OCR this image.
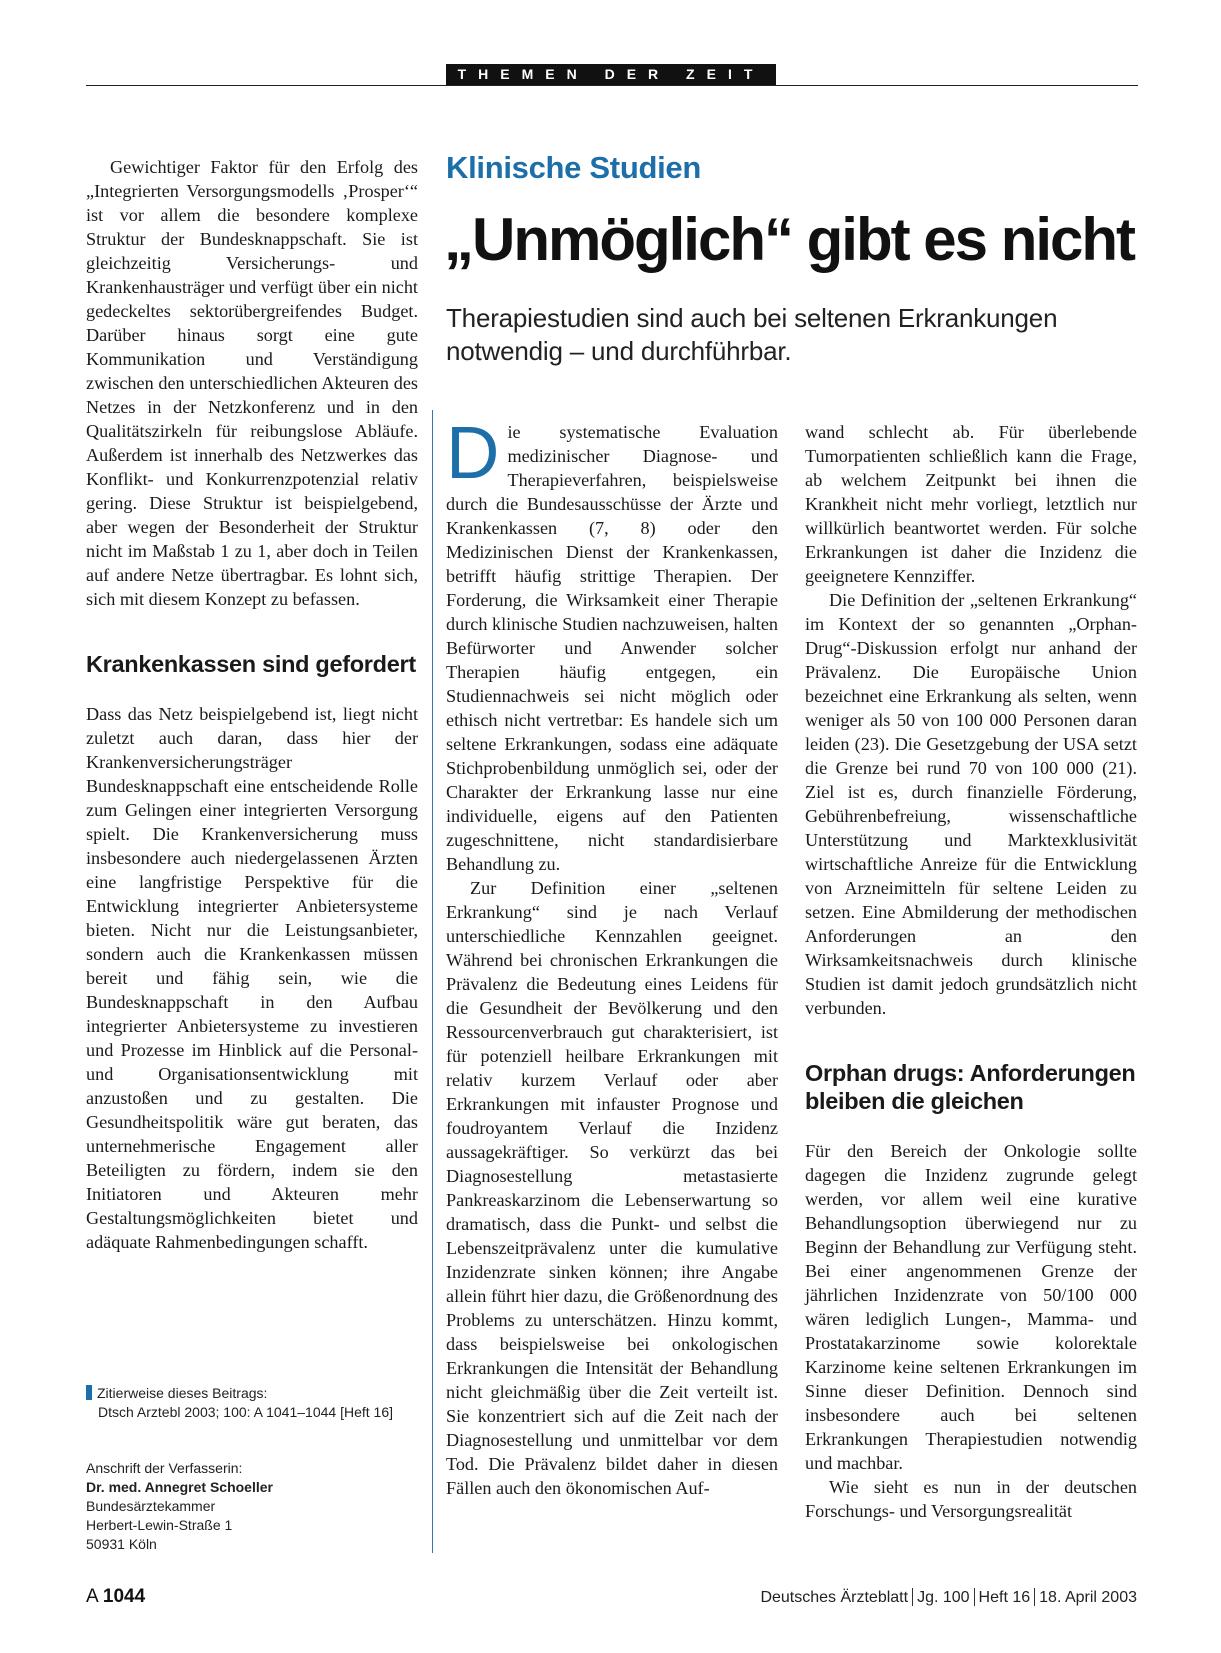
THEMEN DER ZEIT

Gewichtiger Faktor für den Erfolg des „Integrierten Versorgungsmodells ‚Prosper‘“ ist vor allem die besondere komplexe Struktur der Bundesknappschaft. Sie ist gleichzeitig Versicherungs- und Krankenhausträger und verfügt über ein nicht gedeckeltes sektorübergreifendes Budget. Darüber hinaus sorgt eine gute Kommunikation und Verständigung zwischen den unterschiedlichen Akteuren des Netzes in der Netzkonferenz und in den Qualitätszirkeln für reibungslose Abläufe. Außerdem ist innerhalb des Netzwerkes das Konflikt- und Konkurrenzpotenzial relativ gering. Diese Struktur ist beispielgebend, aber wegen der Besonderheit der Struktur nicht im Maßstab 1 zu 1, aber doch in Teilen auf andere Netze übertragbar. Es lohnt sich, sich mit diesem Konzept zu befassen.

Krankenkassen sind gefordert

Dass das Netz beispielgebend ist, liegt nicht zuletzt auch daran, dass hier der Krankenversicherungsträger Bundesknappschaft eine entscheidende Rolle zum Gelingen einer integrierten Versorgung spielt. Die Krankenversicherung muss insbesondere auch niedergelassenen Ärzten eine langfristige Perspektive für die Entwicklung integrierter Anbietersysteme bieten. Nicht nur die Leistungsanbieter, sondern auch die Krankenkassen müssen bereit und fähig sein, wie die Bundesknappschaft in den Aufbau integrierter Anbietersysteme zu investieren und Prozesse im Hinblick auf die Personal- und Organisationsentwicklung mit anzustoßen und zu gestalten. Die Gesundheitspolitik wäre gut beraten, das unternehmerische Engagement aller Beteiligten zu fördern, indem sie den Initiatoren und Akteuren mehr Gestaltungsmöglichkeiten bietet und adäquate Rahmenbedingungen schafft.

Zitierweise dieses Beitrags:
Dtsch Arztebl 2003; 100: A 1041–1044 [Heft 16]
Anschrift der Verfasserin:
Dr. med. Annegret Schoeller
Bundesärztekammer
Herbert-Lewin-Straße 1
50931 Köln
Klinische Studien
„Unmöglich“ gibt es nicht
Therapiestudien sind auch bei seltenen Erkrankungen notwendig – und durchführbar.

Die systematische Evaluation medizinischer Diagnose- und Therapieverfahren, beispielsweise durch die Bundesausschüsse der Ärzte und Krankenkassen (7, 8) oder den Medizinischen Dienst der Krankenkassen, betrifft häufig strittige Therapien. Der Forderung, die Wirksamkeit einer Therapie durch klinische Studien nachzuweisen, halten Befürworter und Anwender solcher Therapien häufig entgegen, ein Studiennachweis sei nicht möglich oder ethisch nicht vertretbar: Es handele sich um seltene Erkrankungen, sodass eine adäquate Stichprobenbildung unmöglich sei, oder der Charakter der Erkrankung lasse nur eine individuelle, eigens auf den Patienten zugeschnittene, nicht standardisierbare Behandlung zu.

Zur Definition einer „seltenen Erkrankung“ sind je nach Verlauf unterschiedliche Kennzahlen geeignet. Während bei chronischen Erkrankungen die Prävalenz die Bedeutung eines Leidens für die Gesundheit der Bevölkerung und den Ressourcenverbrauch gut charakterisiert, ist für potenziell heilbare Erkrankungen mit relativ kurzem Verlauf oder aber Erkrankungen mit infauster Prognose und foudroyantem Verlauf die Inzidenz aussagekräftiger. So verkürzt das bei Diagnosestellung metastasierte Pankreaskarzinom die Lebenserwartung so dramatisch, dass die Punkt- und selbst die Lebenszeitprävalenz unter die kumulative Inzidenzrate sinken können; ihre Angabe allein führt hier dazu, die Größenordnung des Problems zu unterschätzen. Hinzu kommt, dass beispielsweise bei onkologischen Erkrankungen die Intensität der Behandlung nicht gleichmäßig über die Zeit verteilt ist. Sie konzentriert sich auf die Zeit nach der Diagnosestellung und unmittelbar vor dem Tod. Die Prävalenz bildet daher in diesen Fällen auch den ökonomischen Auf-

wand schlecht ab. Für überlebende Tumorpatienten schließlich kann die Frage, ab welchem Zeitpunkt bei ihnen die Krankheit nicht mehr vorliegt, letztlich nur willkürlich beantwortet werden. Für solche Erkrankungen ist daher die Inzidenz die geeignetere Kennziffer.

Die Definition der „seltenen Erkrankung“ im Kontext der so genannten „Orphan-Drug“-Diskussion erfolgt nur anhand der Prävalenz. Die Europäische Union bezeichnet eine Erkrankung als selten, wenn weniger als 50 von 100 000 Personen daran leiden (23). Die Gesetzgebung der USA setzt die Grenze bei rund 70 von 100 000 (21). Ziel ist es, durch finanzielle Förderung, Gebührenbefreiung, wissenschaftliche Unterstützung und Marktexklusivität wirtschaftliche Anreize für die Entwicklung von Arzneimitteln für seltene Leiden zu setzen. Eine Abmilderung der methodischen Anforderungen an den Wirksamkeitsnachweis durch klinische Studien ist damit jedoch grundsätzlich nicht verbunden.

Orphan drugs: Anforderungen bleiben die gleichen

Für den Bereich der Onkologie sollte dagegen die Inzidenz zugrunde gelegt werden, vor allem weil eine kurative Behandlungsoption überwiegend nur zu Beginn der Behandlung zur Verfügung steht. Bei einer angenommenen Grenze der jährlichen Inzidenzrate von 50/100 000 wären lediglich Lungen-, Mamma- und Prostatakarzinome sowie kolorektale Karzinome keine seltenen Erkrankungen im Sinne dieser Definition. Dennoch sind insbesondere auch bei seltenen Erkrankungen Therapiestudien notwendig und machbar.

Wie sieht es nun in der deutschen Forschungs- und Versorgungsrealität

A 1044	Deutsches Ärzteblatt Jg. 100 Heft 16 18. April 2003
